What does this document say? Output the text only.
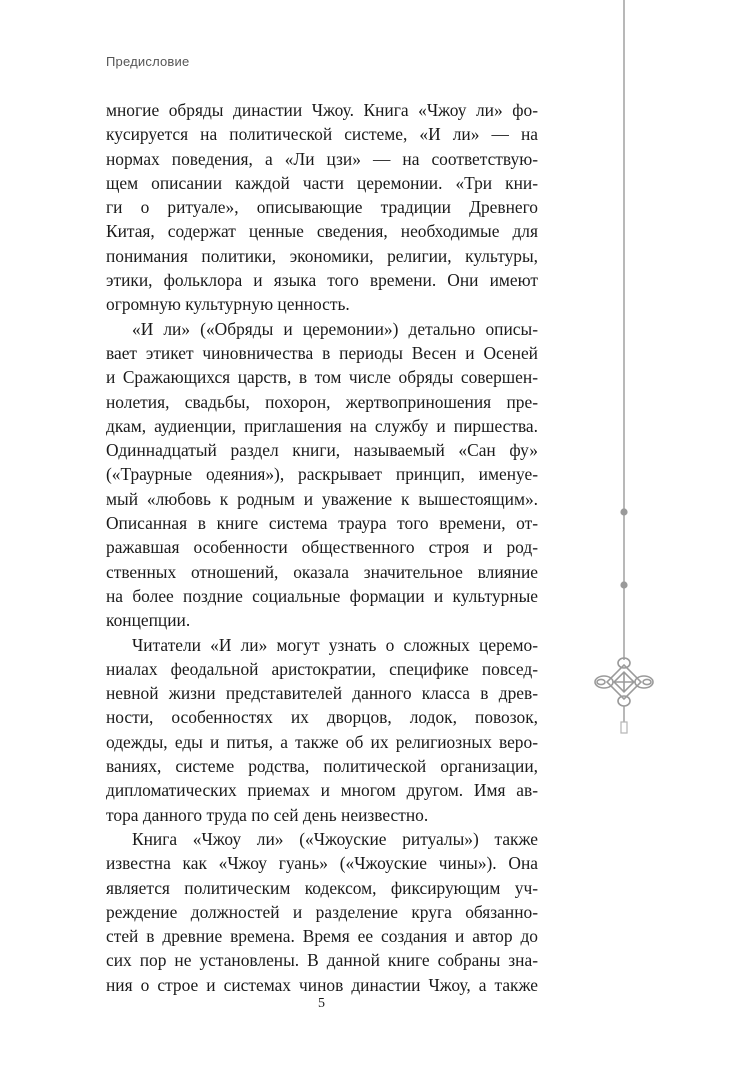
Предисловие
многие обряды династии Чжоу. Книга «Чжоу ли» фо-
кусируется на политической системе, «И ли» — на
нормах поведения, а «Ли цзи» — на соответствую-
щем описании каждой части церемонии. «Три кни-
ги о ритуале», описывающие традиции Древнего
Китая, содержат ценные сведения, необходимые для
понимания политики, экономики, религии, культуры,
этики, фольклора и языка того времени. Они имеют
огромную культурную ценность.
«И ли» («Обряды и церемонии») детально описы-
вает этикет чиновничества в периоды Весен и Осеней
и Сражающихся царств, в том числе обряды совершен-
нолетия, свадьбы, похорон, жертвоприношения пре-
дкам, аудиенции, приглашения на службу и пиршества.
Одиннадцатый раздел книги, называемый «Сан фу»
(«Траурные одеяния»), раскрывает принцип, именуе-
мый «любовь к родным и уважение к вышестоящим».
Описанная в книге система траура того времени, от-
ражавшая особенности общественного строя и род-
ственных отношений, оказала значительное влияние
на более поздние социальные формации и культурные
концепции.
Читатели «И ли» могут узнать о сложных церемо-
ниалах феодальной аристократии, специфике повсед-
невной жизни представителей данного класса в древ-
ности, особенностях их дворцов, лодок, повозок,
одежды, еды и питья, а также об их религиозных веро-
ваниях, системе родства, политической организации,
дипломатических приемах и многом другом. Имя ав-
тора данного труда по сей день неизвестно.
Книга «Чжоу ли» («Чжоуские ритуалы») также
известна как «Чжоу гуань» («Чжоуские чины»). Она
является политическим кодексом, фиксирующим уч-
реждение должностей и разделение круга обязанно-
стей в древние времена. Время ее создания и автор до
сих пор не установлены. В данной книге собраны зна-
ния о строе и системах чинов династии Чжоу, а также
5
